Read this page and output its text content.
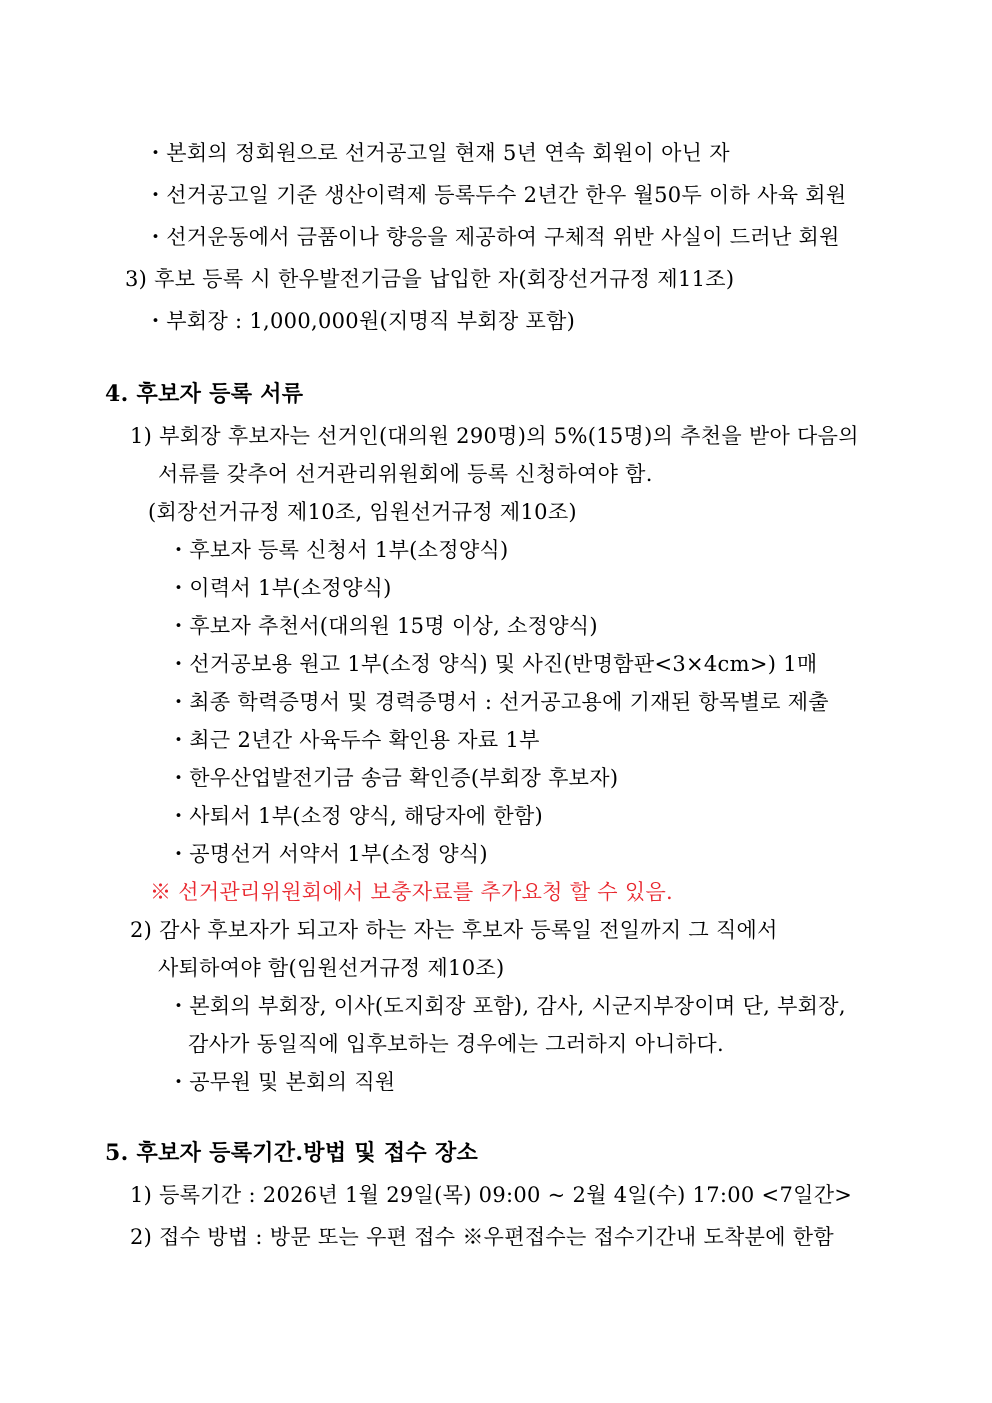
・본회의 정회원으로 선거공고일 현재 5년 연속 회원이 아닌 자
・선거공고일 기준 생산이력제 등록두수 2년간 한우 월50두 이하 사육 회원
・선거운동에서 금품이나 향응을 제공하여 구체적 위반 사실이 드러난 회원
3) 후보 등록 시 한우발전기금을 납입한 자(회장선거규정 제11조)
・부회장 : 1,000,000원(지명직 부회장 포함)
4. 후보자 등록 서류
1) 부회장 후보자는 선거인(대의원 290명)의 5%(15명)의 추천을 받아 다음의
서류를 갖추어 선거관리위원회에 등록 신청하여야 함.
(회장선거규정 제10조, 임원선거규정 제10조)
・후보자 등록 신청서 1부(소정양식)
・이력서 1부(소정양식)
・후보자 추천서(대의원 15명 이상, 소정양식)
・선거공보용 원고 1부(소정 양식) 및 사진(반명함판<3×4cm>) 1매
・최종 학력증명서 및 경력증명서 : 선거공고용에 기재된 항목별로 제출
・최근 2년간 사육두수 확인용 자료 1부
・한우산업발전기금 송금 확인증(부회장 후보자)
・사퇴서 1부(소정 양식, 해당자에 한함)
・공명선거 서약서 1부(소정 양식)
※ 선거관리위원회에서 보충자료를 추가요청 할 수 있음.
2) 감사 후보자가 되고자 하는 자는 후보자 등록일 전일까지 그 직에서
사퇴하여야 함(임원선거규정 제10조)
・본회의 부회장, 이사(도지회장 포함), 감사, 시군지부장이며 단, 부회장,
감사가 동일직에 입후보하는 경우에는 그러하지 아니하다.
・공무원 및 본회의 직원
5. 후보자 등록기간․방법 및 접수 장소
1) 등록기간 : 2026년 1월 29일(목) 09:00 ~ 2월 4일(수) 17:00 <7일간>
2) 접수 방법 : 방문 또는 우편 접수 ※우편접수는 접수기간내 도착분에 한함
